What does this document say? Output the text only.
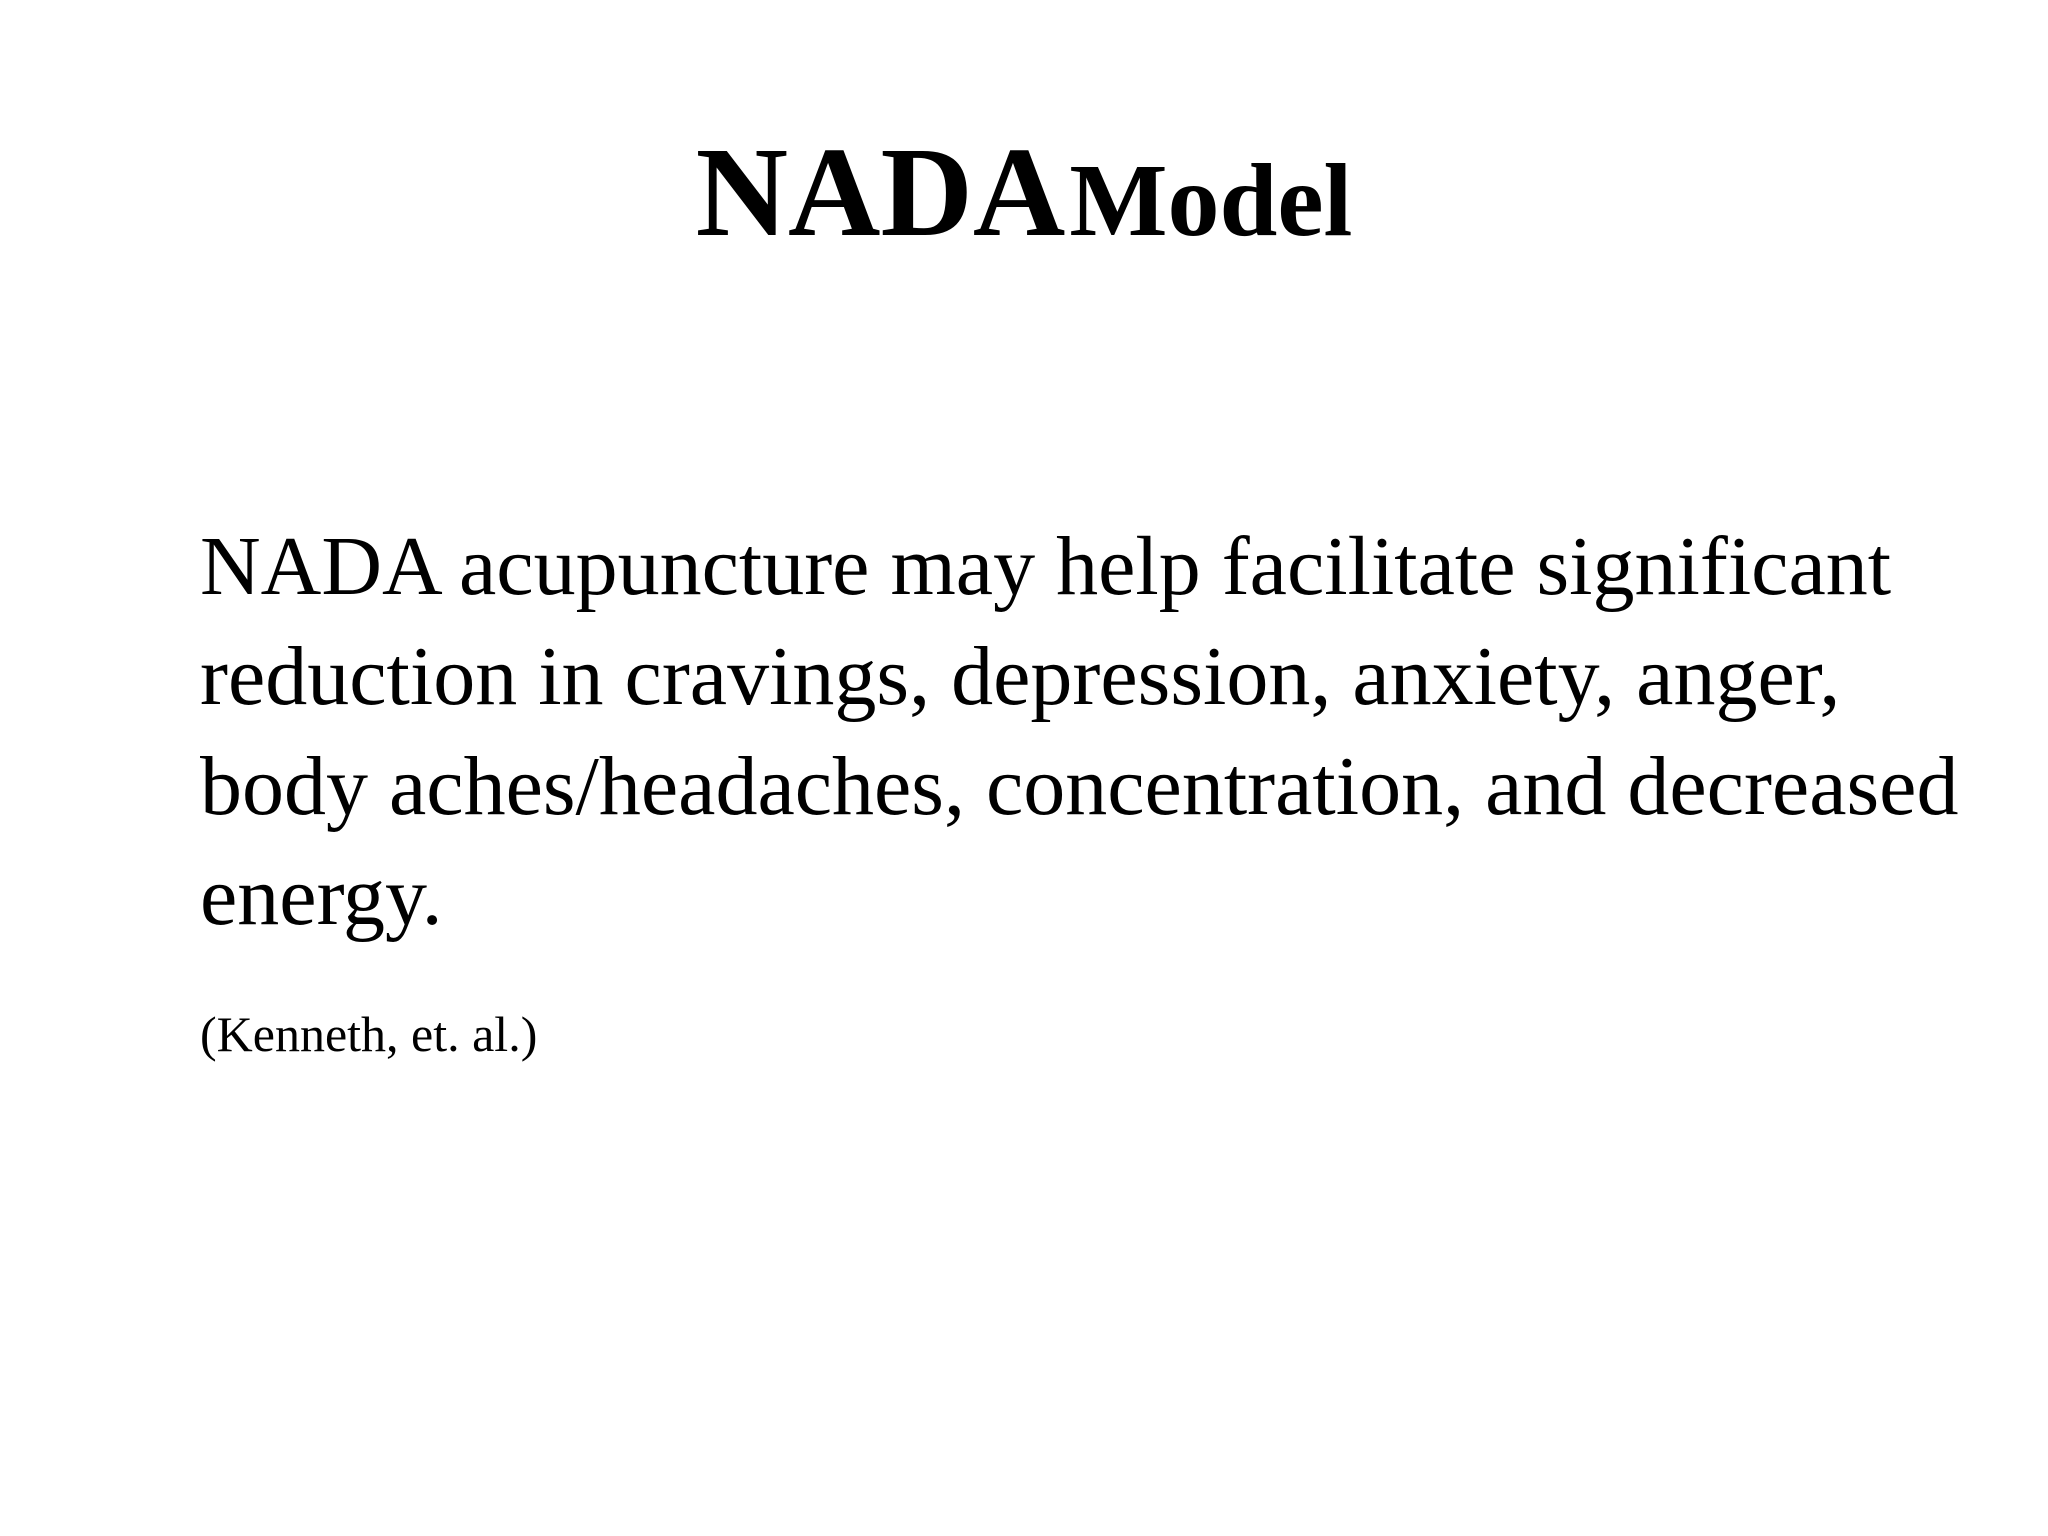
NADA Model

NADA acupuncture may help facilitate significant reduction in cravings, depression, anxiety, anger, body aches/headaches, concentration, and decreased energy.

(Kenneth, et. al.)
